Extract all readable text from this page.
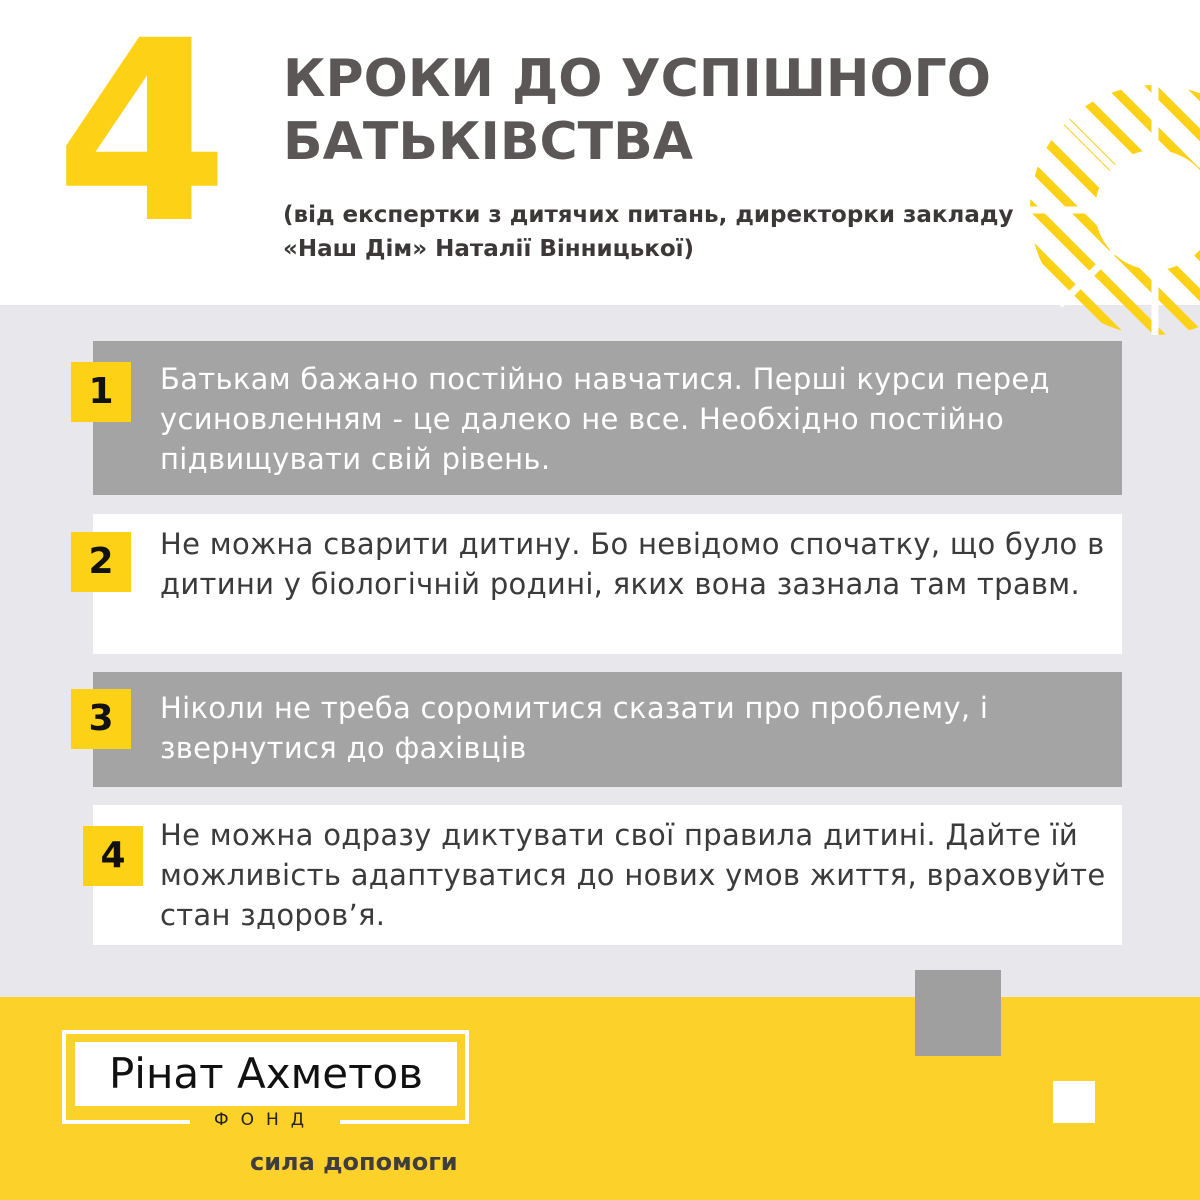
4 КРОКИ ДО УСПІШНОГО БАТЬКІВСТВА

(від експертки з дитячих питань, директорки закладу «Наш Дім» Наталії Вінницької)

1	Батькам бажано постійно навчатися. Перші курси перед усиновленням - це далеко не все. Необхідно постійно підвищувати свій рівень.

2	Не можна сварити дитину. Бо невідомо спочатку, що було в дитини у біологічній родині, яких вона зазнала там травм.

3	Ніколи не треба соромитися сказати про проблему, і звернутися до фахівців

4	Не можна одразу диктувати свої правила дитині. Дайте їй можливість адаптуватися до нових умов життя, враховуйте стан здоров’я.

Рінат Ахметов

ФОНД

сила допомоги
